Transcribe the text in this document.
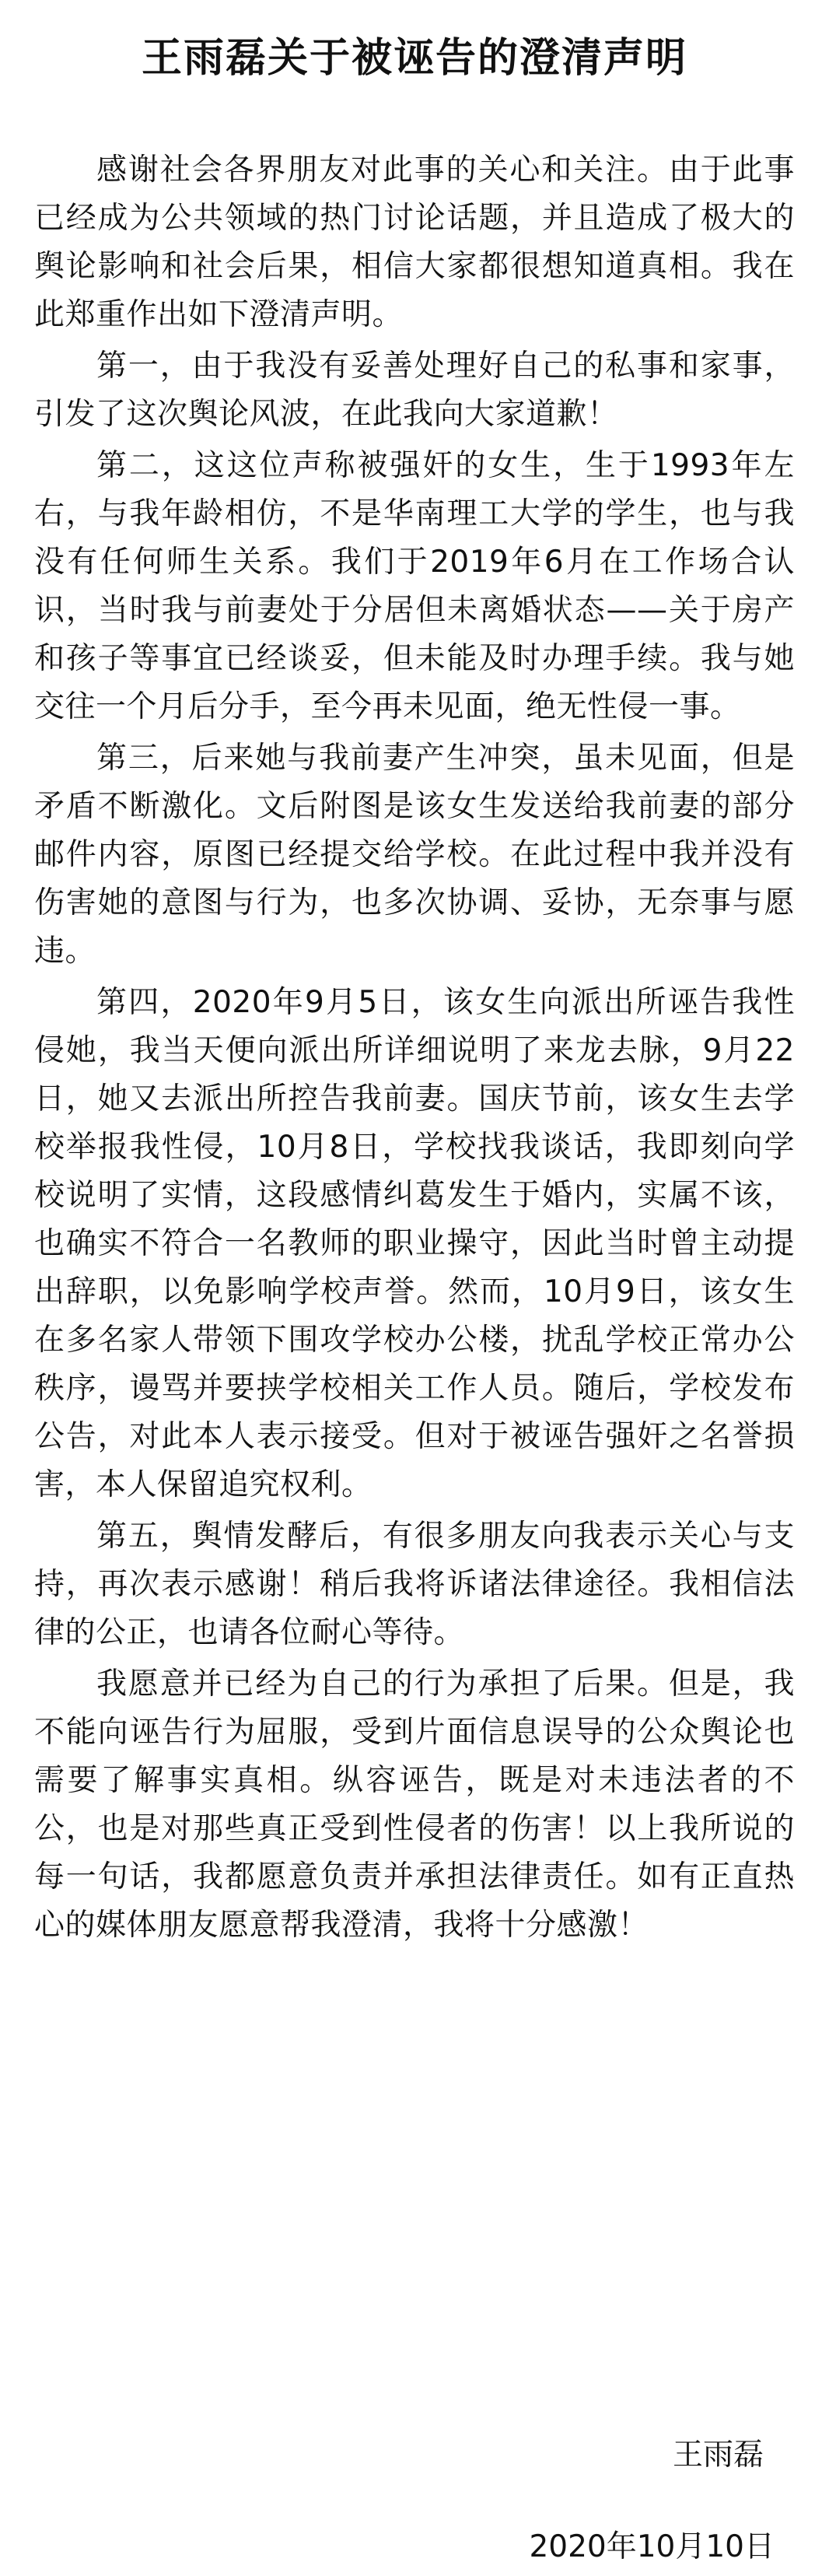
王雨磊关于被诬告的澄清声明

感谢社会各界朋友对此事的关心和关注。由于此事已经成为公共领域的热门讨论话题，并且造成了极大的舆论影响和社会后果，相信大家都很想知道真相。我在此郑重作出如下澄清声明。

第一，由于我没有妥善处理好自己的私事和家事，引发了这次舆论风波，在此我向大家道歉！

第二，这这位声称被强奸的女生，生于1993年左右，与我年龄相仿，不是华南理工大学的学生，也与我没有任何师生关系。我们于2019年6月在工作场合认识，当时我与前妻处于分居但未离婚状态——关于房产和孩子等事宜已经谈妥，但未能及时办理手续。我与她交往一个月后分手，至今再未见面，绝无性侵一事。

第三，后来她与我前妻产生冲突，虽未见面，但是矛盾不断激化。文后附图是该女生发送给我前妻的部分邮件内容，原图已经提交给学校。在此过程中我并没有伤害她的意图与行为，也多次协调、妥协，无奈事与愿违。

第四，2020年9月5日，该女生向派出所诬告我性侵她，我当天便向派出所详细说明了来龙去脉，9月22日，她又去派出所控告我前妻。国庆节前，该女生去学校举报我性侵，10月8日，学校找我谈话，我即刻向学校说明了实情，这段感情纠葛发生于婚内，实属不该，也确实不符合一名教师的职业操守，因此当时曾主动提出辞职，以免影响学校声誉。然而，10月9日，该女生在多名家人带领下围攻学校办公楼，扰乱学校正常办公秩序，谩骂并要挟学校相关工作人员。随后，学校发布公告，对此本人表示接受。但对于被诬告强奸之名誉损害，本人保留追究权利。

第五，舆情发酵后，有很多朋友向我表示关心与支持，再次表示感谢！稍后我将诉诸法律途径。我相信法律的公正，也请各位耐心等待。

我愿意并已经为自己的行为承担了后果。但是，我不能向诬告行为屈服，受到片面信息误导的公众舆论也需要了解事实真相。纵容诬告，既是对未违法者的不公，也是对那些真正受到性侵者的伤害！以上我所说的每一句话，我都愿意负责并承担法律责任。如有正直热心的媒体朋友愿意帮我澄清，我将十分感激！

王雨磊
2020年10月10日
